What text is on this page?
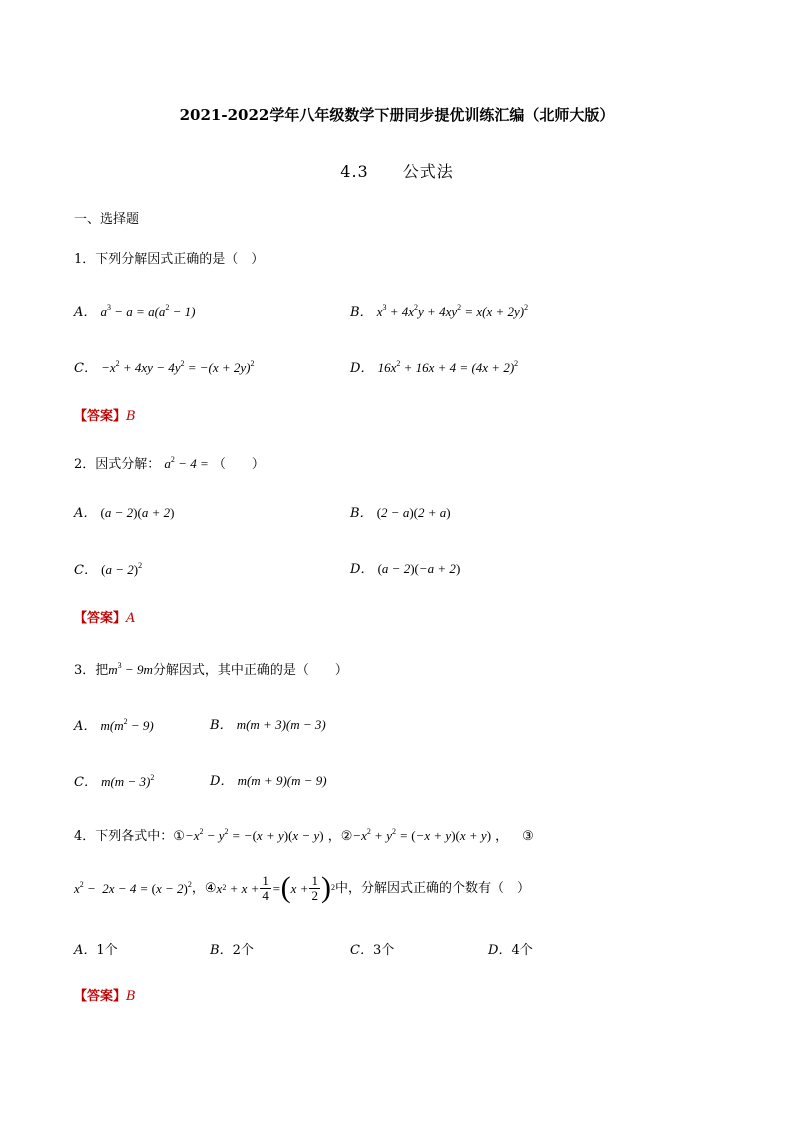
2021-2022学年八年级数学下册同步提优训练汇编（北师大版）
4.3　　公式法
一、选择题
1．下列分解因式正确的是（　）
A． $a^3 - a = a(a^2 - 1)$	B． $x^3 + 4x^2y + 4xy^2 = x(x + 2y)^2$
C． $-x^2 + 4xy - 4y^2 = -(x + 2y)^2$	D． $16x^2 + 16x + 4 = (4x + 2)^2$
【答案】B
2．因式分解： $a^2 - 4$ = （　　）
A． (a − 2)(a + 2)	B． (2 − a)(2 + a)
C． $(a - 2)^2$	D． (a − 2)(−a + 2)
【答案】A
3．把$m^3 - 9m$分解因式，其中正确的是（　　）
A． $m(m^2 - 9)$	B． m(m + 3)(m − 3)
C． $m(m - 3)^2$	D． m(m + 9)(m − 9)
4．下列各式中：$①-x^2 - y^2 = -(x + y)(x - y)$ ，$②-x^2 + y^2 = (-x + y)(x + y)$ ， ③
$x^2 - 2x - 4 = (x - 2)^2$ ， ④ x $2 + x + \frac{1}{4}$ = ( $x + \frac{1}{2}$ ) 2 中，分解因式正确的个数有（　）
A．1个	B．2个	C．3个	D．4个
【答案】B
